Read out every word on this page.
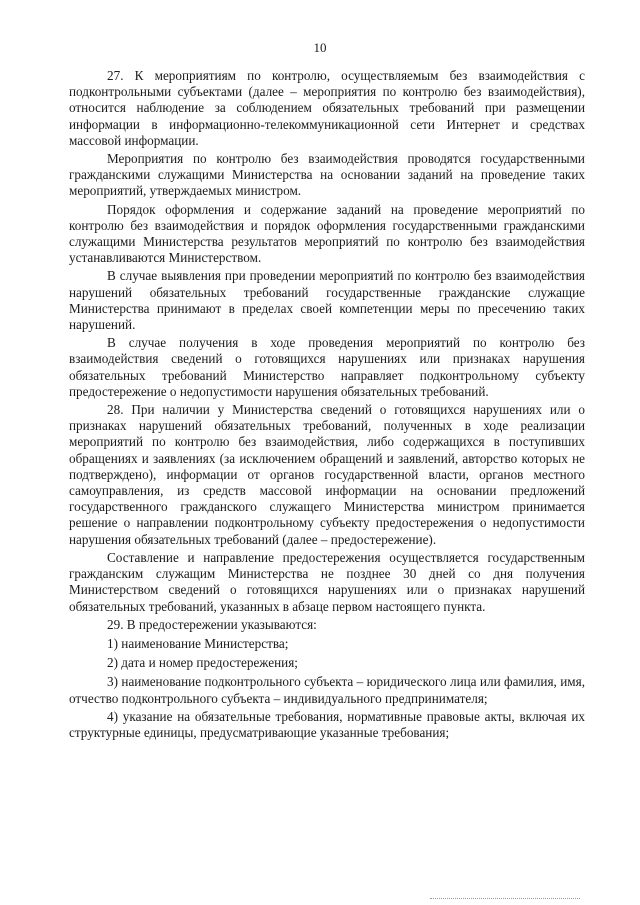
10

27. К мероприятиям по контролю, осуществляемым без взаимодействия с подконтрольными субъектами (далее – мероприятия по контролю без взаимодействия), относится наблюдение за соблюдением обязательных требований при размещении информации в информационно-телекоммуникационной сети Интернет и средствах массовой информации.

Мероприятия по контролю без взаимодействия проводятся государственными гражданскими служащими Министерства на основании заданий на проведение таких мероприятий, утверждаемых министром.

Порядок оформления и содержание заданий на проведение мероприятий по контролю без взаимодействия и порядок оформления государственными гражданскими служащими Министерства результатов мероприятий по контролю без взаимодействия устанавливаются Министерством.

В случае выявления при проведении мероприятий по контролю без взаимодействия нарушений обязательных требований государственные гражданские служащие Министерства принимают в пределах своей компетенции меры по пресечению таких нарушений.

В случае получения в ходе проведения мероприятий по контролю без взаимодействия сведений о готовящихся нарушениях или признаках нарушения обязательных требований Министерство направляет подконтрольному субъекту предостережение о недопустимости нарушения обязательных требований.

28. При наличии у Министерства сведений о готовящихся нарушениях или о признаках нарушений обязательных требований, полученных в ходе реализации мероприятий по контролю без взаимодействия, либо содержащихся в поступивших обращениях и заявлениях (за исключением обращений и заявлений, авторство которых не подтверждено), информации от органов государственной власти, органов местного самоуправления, из средств массовой информации на основании предложений государственного гражданского служащего Министерства министром принимается решение о направлении подконтрольному субъекту предостережения о недопустимости нарушения обязательных требований (далее – предостережение).

Составление и направление предостережения осуществляется государственным гражданским служащим Министерства не позднее 30 дней со дня получения Министерством сведений о готовящихся нарушениях или о признаках нарушений обязательных требований, указанных в абзаце первом настоящего пункта.

29. В предостережении указываются:

1) наименование Министерства;

2) дата и номер предостережения;

3) наименование подконтрольного субъекта – юридического лица или фамилия, имя, отчество подконтрольного субъекта – индивидуального предпринимателя;

4) указание на обязательные требования, нормативные правовые акты, включая их структурные единицы, предусматривающие указанные требования;
